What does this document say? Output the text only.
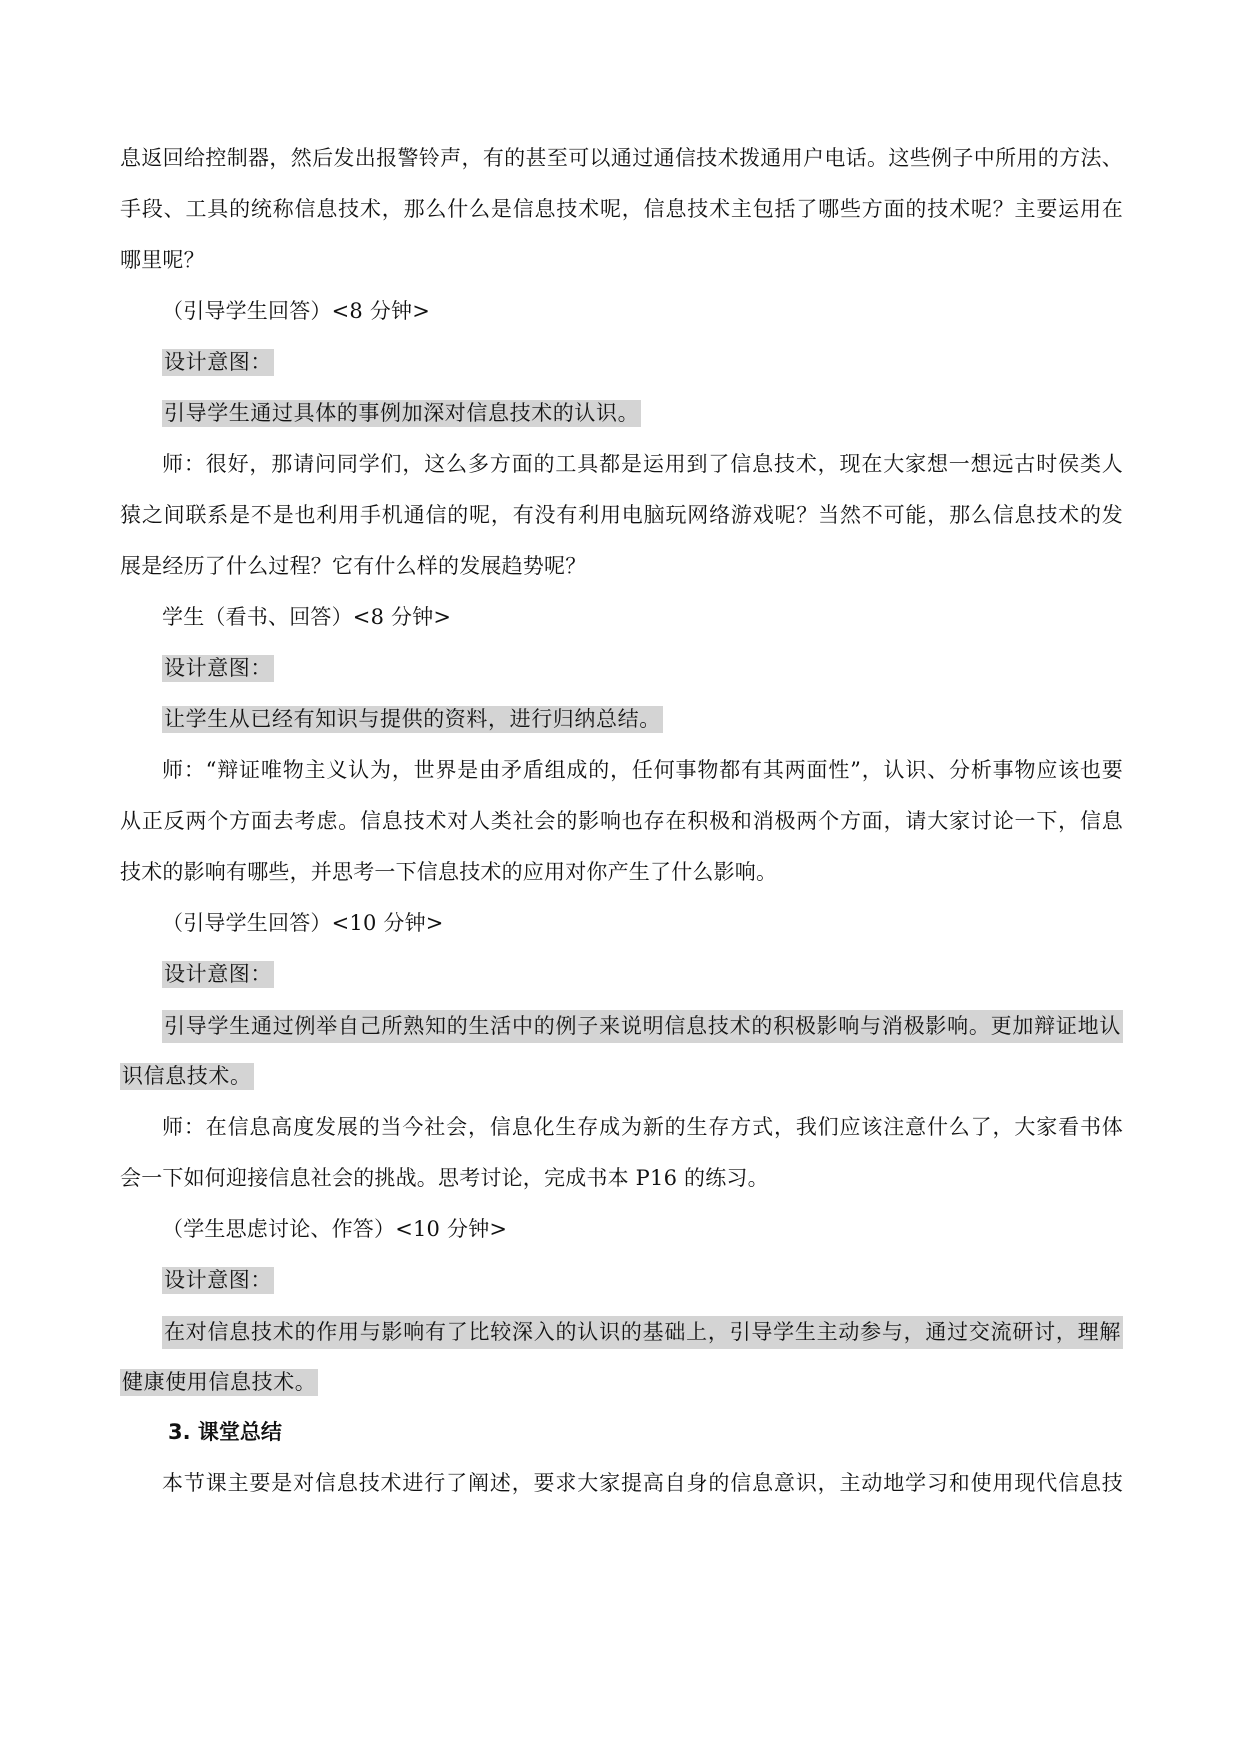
息返回给控制器，然后发出报警铃声，有的甚至可以通过通信技术拨通用户电话。这些例子中所用的方法、
手段、工具的统称信息技术，那么什么是信息技术呢，信息技术主包括了哪些方面的技术呢？主要运用在
哪里呢？
（引导学生回答）<8 分钟>
设计意图：
引导学生通过具体的事例加深对信息技术的认识。
师：很好，那请问同学们，这么多方面的工具都是运用到了信息技术，现在大家想一想远古时侯类人
猿之间联系是不是也利用手机通信的呢，有没有利用电脑玩网络游戏呢？当然不可能，那么信息技术的发
展是经历了什么过程？它有什么样的发展趋势呢？
学生（看书、回答）<8 分钟>
设计意图：
让学生从已经有知识与提供的资料，进行归纳总结。
师：“辩证唯物主义认为，世界是由矛盾组成的，任何事物都有其两面性”，认识、分析事物应该也要
从正反两个方面去考虑。信息技术对人类社会的影响也存在积极和消极两个方面，请大家讨论一下，信息
技术的影响有哪些，并思考一下信息技术的应用对你产生了什么影响。
（引导学生回答）<10 分钟>
设计意图：
引导学生通过例举自己所熟知的生活中的例子来说明信息技术的积极影响与消极影响。更加辩证地认
识信息技术。
师：在信息高度发展的当今社会，信息化生存成为新的生存方式，我们应该注意什么了，大家看书体
会一下如何迎接信息社会的挑战。思考讨论，完成书本 P16 的练习。
（学生思虑讨论、作答）<10 分钟>
设计意图：
在对信息技术的作用与影响有了比较深入的认识的基础上，引导学生主动参与，通过交流研讨，理解
健康使用信息技术。
3. 课堂总结
本节课主要是对信息技术进行了阐述，要求大家提高自身的信息意识，主动地学习和使用现代信息技
